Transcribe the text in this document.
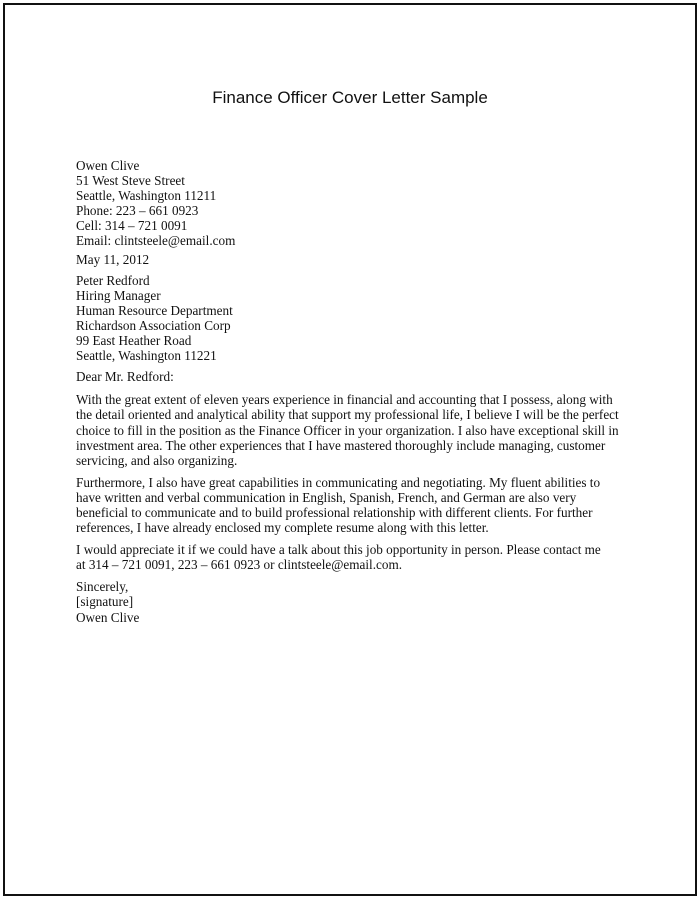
Finance Officer Cover Letter Sample
Owen Clive
51 West Steve Street
Seattle, Washington 11211
Phone: 223 – 661 0923
Cell: 314 – 721 0091
Email: clintsteele@email.com
May 11, 2012
Peter Redford
Hiring Manager
Human Resource Department
Richardson Association Corp
99 East Heather Road
Seattle, Washington 11221
Dear Mr. Redford:
With the great extent of eleven years experience in financial and accounting that I possess, along with
the detail oriented and analytical ability that support my professional life, I believe I will be the perfect
choice to fill in the position as the Finance Officer in your organization. I also have exceptional skill in
investment area. The other experiences that I have mastered thoroughly include managing, customer
servicing, and also organizing.
Furthermore, I also have great capabilities in communicating and negotiating. My fluent abilities to
have written and verbal communication in English, Spanish, French, and German are also very
beneficial to communicate and to build professional relationship with different clients. For further
references, I have already enclosed my complete resume along with this letter.
I would appreciate it if we could have a talk about this job opportunity in person. Please contact me
at 314 – 721 0091, 223 – 661 0923 or clintsteele@email.com.
Sincerely,
[signature]
Owen Clive
